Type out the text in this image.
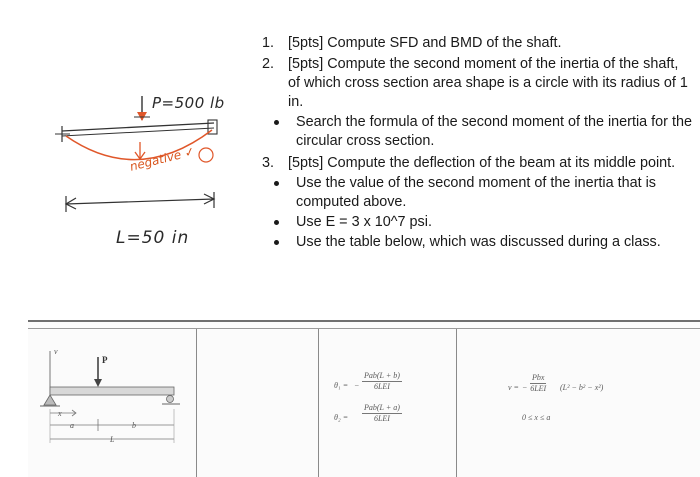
P=500 lb
negative ✓
L=50 in
1. [5pts] Compute SFD and BMD of the shaft.
2. [5pts] Compute the second moment of the inertia of the shaft, of which cross section area shape is a circle with its radius of 1 in.
Search the formula of the second moment of the inertia for the circular cross section.
3. [5pts] Compute the deflection of the beam at its middle point.
Use the value of the second moment of the inertia that is computed above.
Use E = 3 x 10^7 psi.
Use the table below, which was discussed during a class.
v
P
x
a	b
L
θ₁ = −
Pab(L + b)
6LEI
θ₂ =
Pab(L + a)
6LEI
v = −
Pbx
6LEI (L² − b² − x²)
0 ≤ x ≤ a
